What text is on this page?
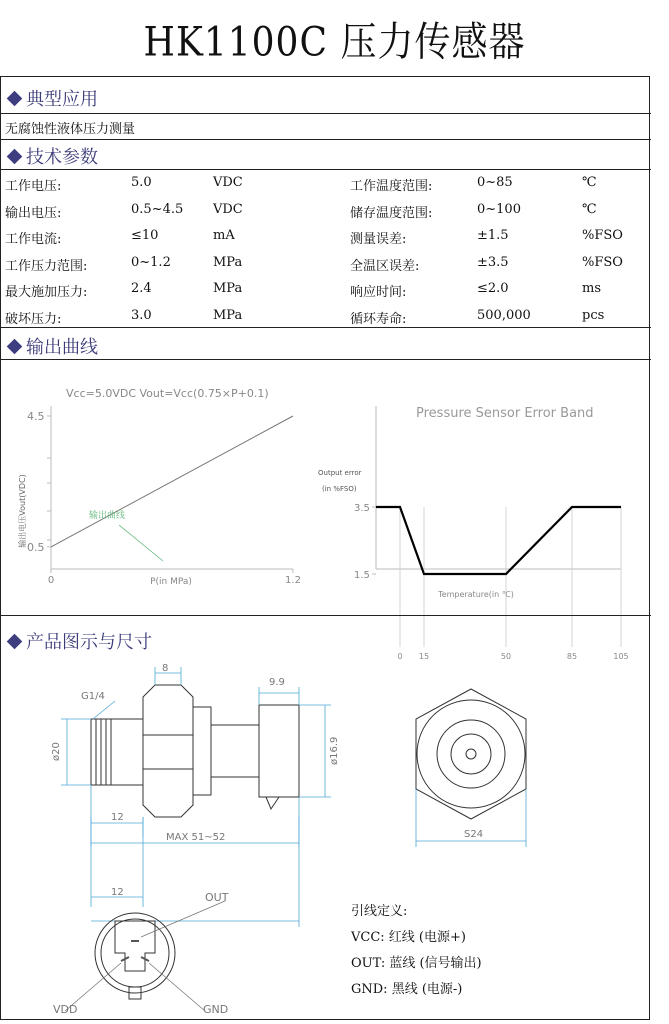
HK1100C 压力传感器
典型应用
无腐蚀性液体压力测量
技术参数
工作电压:	5.0	VDC	工作温度范围:	0~85	℃
输出电压:	0.5~4.5 VDC	储存温度范围:	0~100	℃
工作电流:	≤10	mA	测量误差:	±1.5	%FSO
工作压力范围:	0~1.2	MPa	全温区误差:	±3.5	%FSO
最大施加压力:	2.4	MPa	响应时间:	≤2.0	ms
破坏压力:	3.0	MPa	循环寿命:	500,000	pcs
输出曲线
Vcc=5.0VDC Vout=Vcc(0.75×P+0.1)
输出电压Vout(VDC) 0.5
4.5
0	1.2
P(in MPa)
输出曲线
Pressure Sensor Error Band
Output error
(in %FSO)
0 15	50	85	105
3.5
1.5
Temperature(in ℃)
产品图示与尺寸
8
9.9
G1/4
ø20	ø16.9
12
12
MAX 51~52	S24
OUT
VDD	GND
引线定义:
VCC: 红线 (电源+)
OUT: 蓝线 (信号输出)
GND: 黑线 (电源-)
